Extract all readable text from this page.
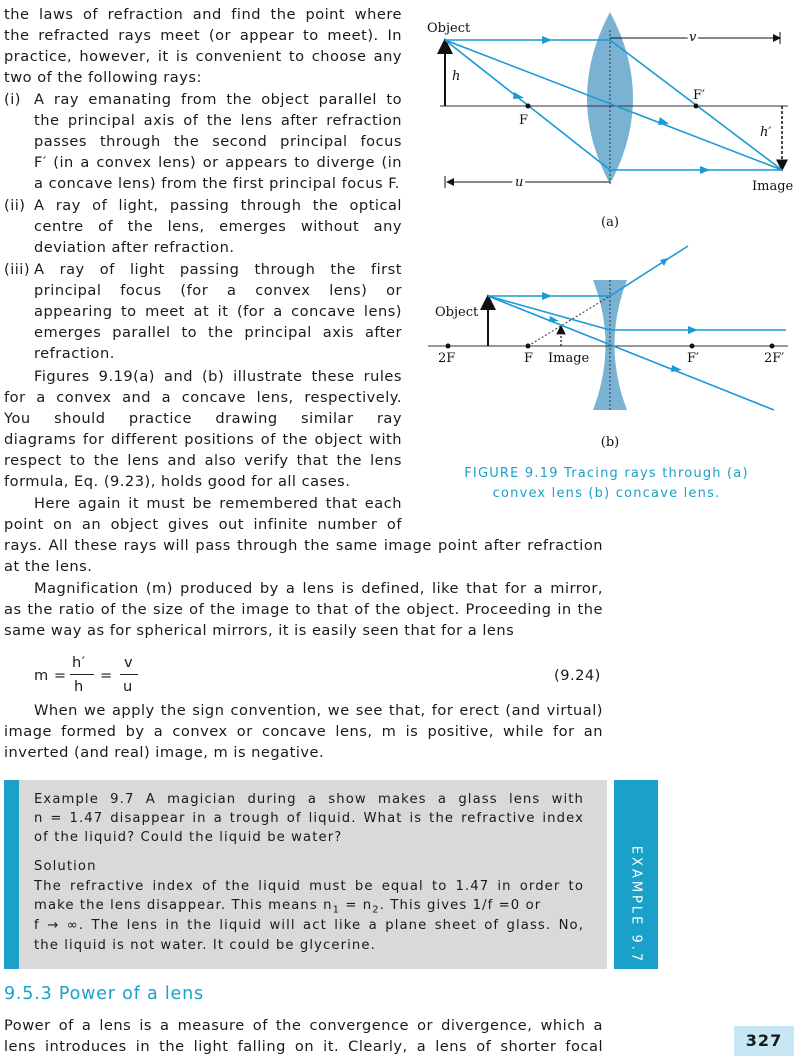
the laws of refraction and find the point where
the refracted rays meet (or appear to meet). In
practice, however, it is convenient to choose any
two of the following rays:
(i) A ray emanating from the object parallel to
the principal axis of the lens after refraction
passes through the second principal focus
F′ (in a convex lens) or appears to diverge (in
a concave lens) from the first principal focus F.
(ii) A ray of light, passing through the optical
centre of the lens, emerges without any
deviation after refraction.
(iii) A ray of light passing through the first
principal focus (for a convex lens) or
appearing to meet at it (for a concave lens)
emerges parallel to the principal axis after
refraction.
Figures 9.19(a) and (b) illustrate these rules
for a convex and a concave lens, respectively.
You should practice drawing similar ray
diagrams for different positions of the object with
respect to the lens and also verify that the lens
formula, Eq. (9.23), holds good for all cases.
Here again it must be remembered that each
point on an object gives out infinite number of
rays. All these rays will pass through the same image point after refraction
at the lens.
Magnification (m) produced by a lens is defined, like that for a mirror,
as the ratio of the size of the image to that of the object. Proceeding in the
same way as for spherical mirrors, it is easily seen that for a lens
m =
h′
h
=
v
u
(9.24)
When we apply the sign convention, we see that, for erect (and virtual)
image formed by a convex or concave lens, m is positive, while for an
inverted (and real) image, m is negative.
Object
h
v
F′
F
h′
u	Image
(a)
Object
2F	F Image	F′	2F′
(b)
FIGURE 9.19 Tracing rays through (a)
convex lens (b) concave lens.
EXAMPLE 9.7
Example 9.7 A magician during a show makes a glass lens with
n = 1.47 disappear in a trough of liquid. What is the refractive index
of the liquid? Could the liquid be water?
Solution
The refractive index of the liquid must be equal to 1.47 in order to
make the lens disappear. This means $n_1 = n_2$. This gives 1/f =0 or
f → ∞. The lens in the liquid will act like a plane sheet of glass. No,
the liquid is not water. It could be glycerine.
9.5.3 Power of a lens
Power of a lens is a measure of the convergence or divergence, which a
lens introduces in the light falling on it. Clearly, a lens of shorter focal	327
